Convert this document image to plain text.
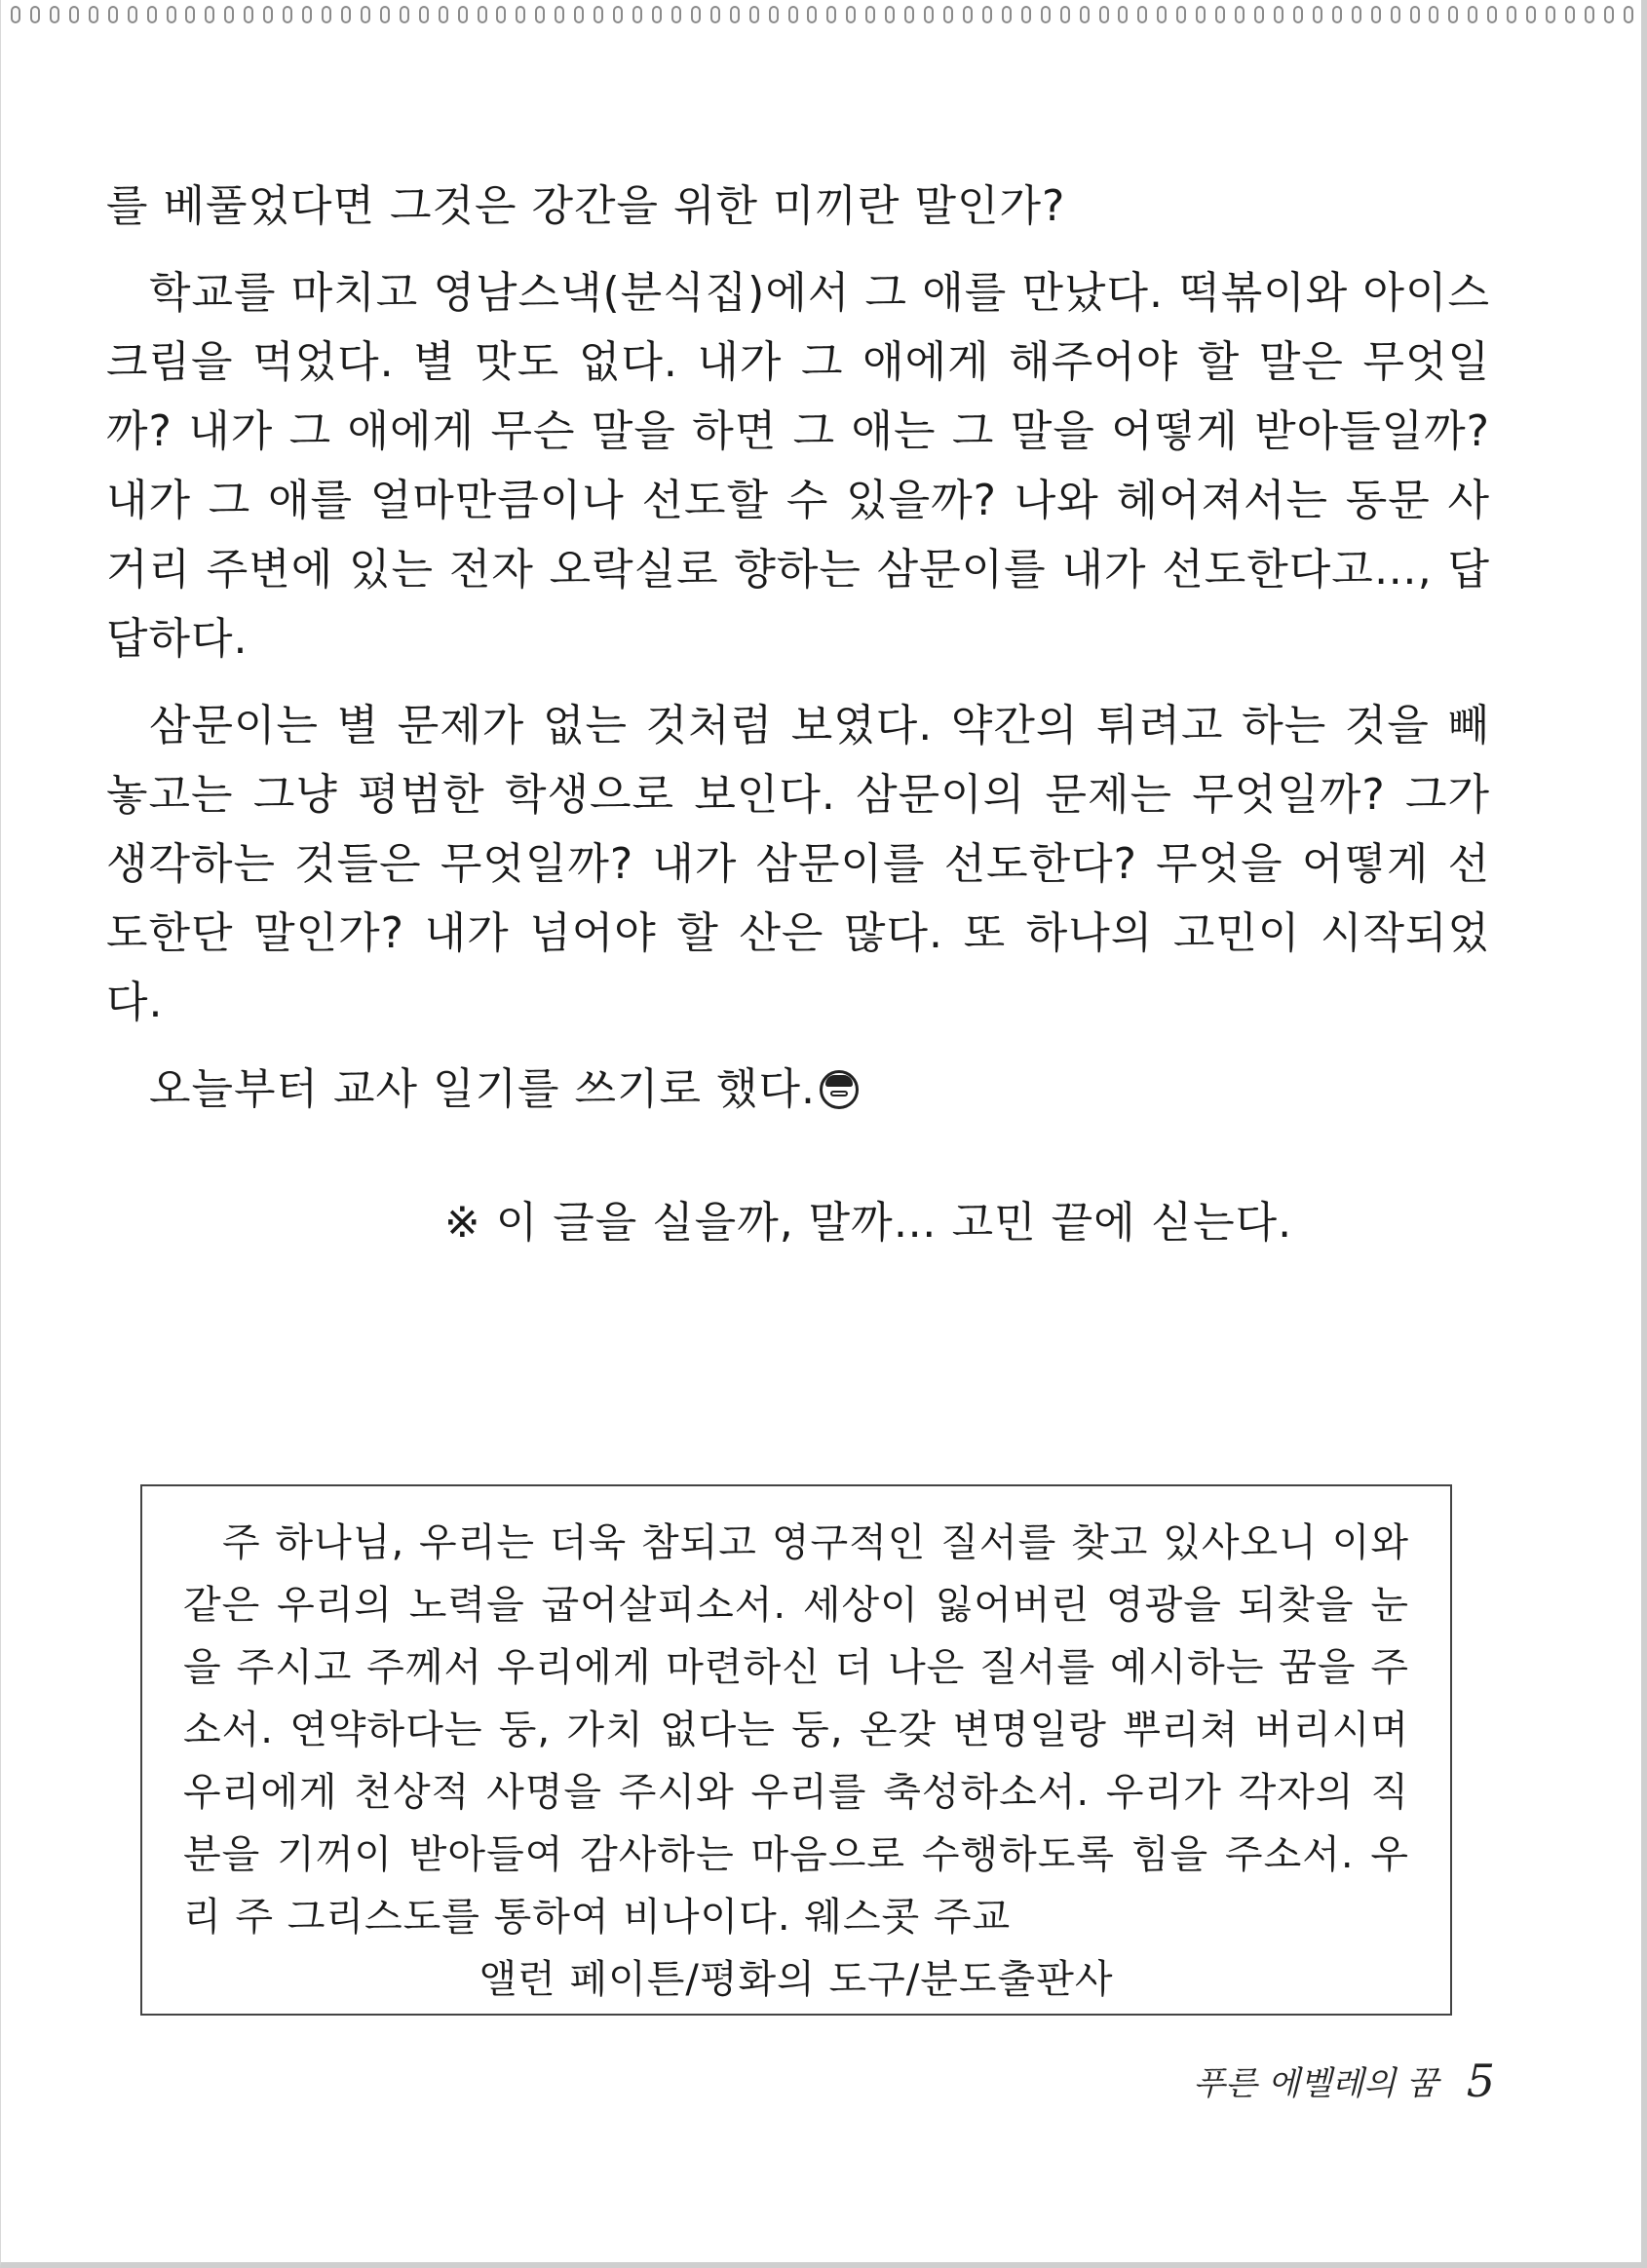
를 베풀었다면 그것은 강간을 위한 미끼란 말인가?

학교를 마치고 영남스낵(분식집)에서 그 애를 만났다. 떡볶이와 아이스크림을 먹었다. 별 맛도 없다. 내가 그 애에게 해주어야 할 말은 무엇일까? 내가 그 애에게 무슨 말을 하면 그 애는 그 말을 어떻게 받아들일까? 내가 그 애를 얼마만큼이나 선도할 수 있을까? 나와 헤어져서는 동문 사거리 주변에 있는 전자 오락실로 향하는 삼문이를 내가 선도한다고…, 답답하다.

삼문이는 별 문제가 없는 것처럼 보였다. 약간의 튀려고 하는 것을 빼놓고는 그냥 평범한 학생으로 보인다. 삼문이의 문제는 무엇일까? 그가 생각하는 것들은 무엇일까? 내가 삼문이를 선도한다? 무엇을 어떻게 선도한단 말인가? 내가 넘어야 할 산은 많다. 또 하나의 고민이 시작되었다.

오늘부터 교사 일기를 쓰기로 했다.

※ 이 글을 실을까, 말까… 고민 끝에 싣는다.

주 하나님, 우리는 더욱 참되고 영구적인 질서를 찾고 있사오니 이와 같은 우리의 노력을 굽어살피소서. 세상이 잃어버린 영광을 되찾을 눈을 주시고 주께서 우리에게 마련하신 더 나은 질서를 예시하는 꿈을 주소서. 연약하다는 둥, 가치 없다는 둥, 온갖 변명일랑 뿌리쳐 버리시며 우리에게 천상적 사명을 주시와 우리를 축성하소서. 우리가 각자의 직분을 기꺼이 받아들여 감사하는 마음으로 수행하도록 힘을 주소서. 우리 주 그리스도를 통하여 비나이다. 웨스콧 주교

앨런 페이튼/평화의 도구/분도출판사

푸른 에벨레의 꿈 5
